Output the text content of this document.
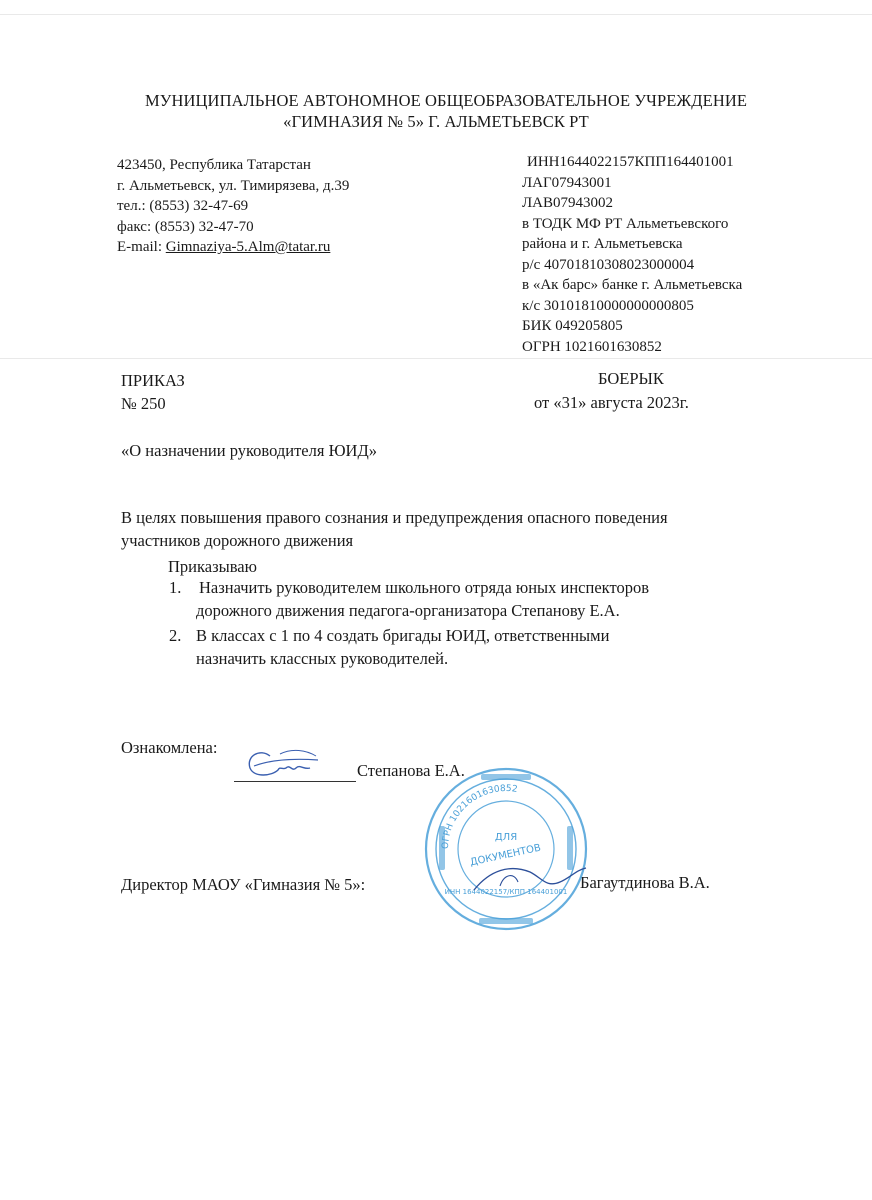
МУНИЦИПАЛЬНОЕ АВТОНОМНОЕ ОБЩЕОБРАЗОВАТЕЛЬНОЕ УЧРЕЖДЕНИЕ
«ГИМНАЗИЯ № 5» Г. АЛЬМЕТЬЕВСК РТ
423450, Республика Татарстан
г. Альметьевск, ул. Тимирязева, д.39
тел.: (8553) 32-47-69
факс: (8553) 32-47-70
E-mail: Gimnaziya-5.Alm@tatar.ru
ИНН1644022157КПП164401001
ЛАГ07943001
ЛАВ07943002
в ТОДК МФ РТ Альметьевского
района и г. Альметьевска
р/с 40701810308023000004
в «Ак барс» банке г. Альметьевска
к/с 30101810000000000805
БИК 049205805
ОГРН 1021601630852
ПРИКАЗ
№ 250
БОЕРЫК
от «31» августа 2023г.
«О назначении руководителя ЮИД»
В целях повышения правого сознания и предупреждения опасного поведения
участников дорожного движения
Приказываю
1. Назначить руководителем школьного отряда юных инспекторов
дорожного движения педагога-организатора Степанову Е.А.
2. В классах с 1 по 4 создать бригады ЮИД, ответственными
назначить классных руководителей.
Ознакомлена:
Степанова Е.А.
Директор МАОУ «Гимназия № 5»:	Багаутдинова В.А.
ОГРН 1021601630852
ДЛЯ
ДОКУМЕНТОВ
ИНН 1644022157/КПП 164401001
